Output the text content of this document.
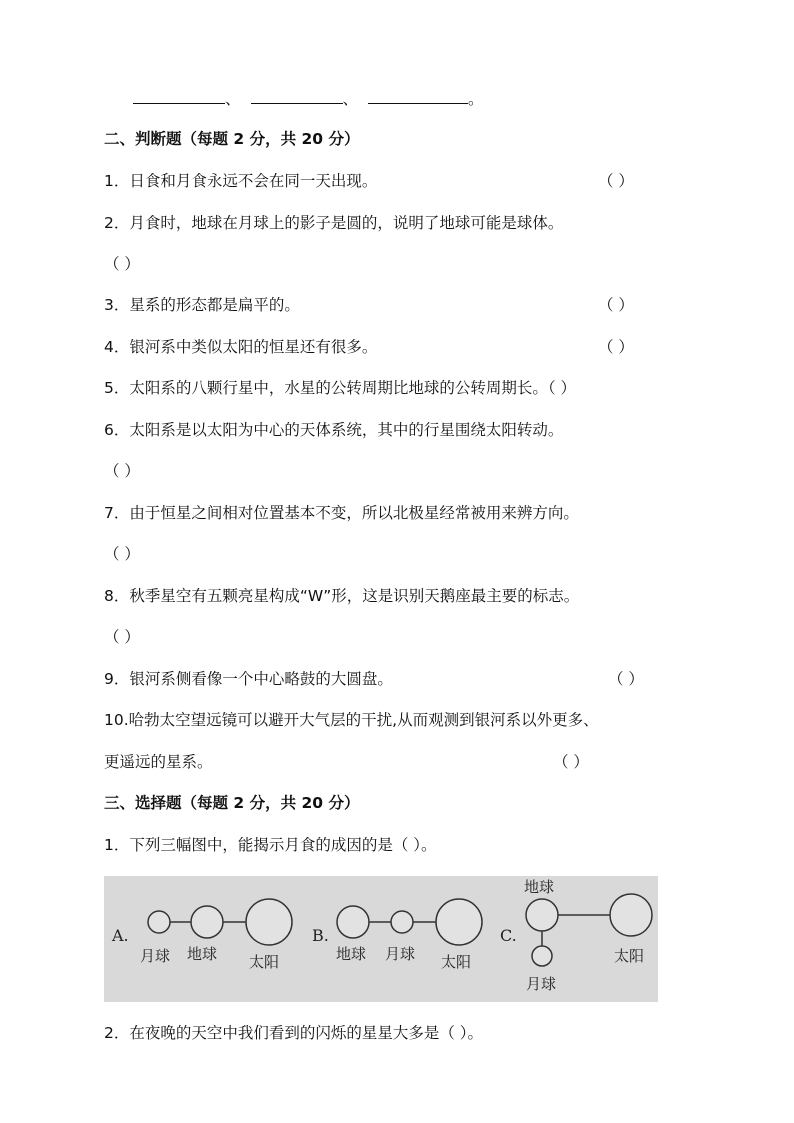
、	、	。
二、判断题（每题 2 分，共 20 分）
1．日食和月食永远不会在同一天出现。	（ ）
2．月食时，地球在月球上的影子是圆的，说明了地球可能是球体。
（ ）
3．星系的形态都是扁平的。	（ ）
4．银河系中类似太阳的恒星还有很多。	（ ）
5．太阳系的八颗行星中，水星的公转周期比地球的公转周期长。（ ）
6．太阳系是以太阳为中心的天体系统，其中的行星围绕太阳转动。
（ ）
7．由于恒星之间相对位置基本不变，所以北极星经常被用来辨方向。
（ ）
8．秋季星空有五颗亮星构成“W”形，这是识别天鹅座最主要的标志。
（ ）
9．银河系侧看像一个中心略鼓的大圆盘。	（ ）
10.哈勃太空望远镜可以避开大气层的干扰,从而观测到银河系以外更多、
更遥远的星系。	（ ）
三、选择题（每题 2 分，共 20 分）
1．下列三幅图中，能揭示月食的成因的是（ ）。
A.
月球 地球 太阳
B.
地球 月球 太阳
C.
地球
太阳
月球
2．在夜晚的天空中我们看到的闪烁的星星大多是（ ）。
